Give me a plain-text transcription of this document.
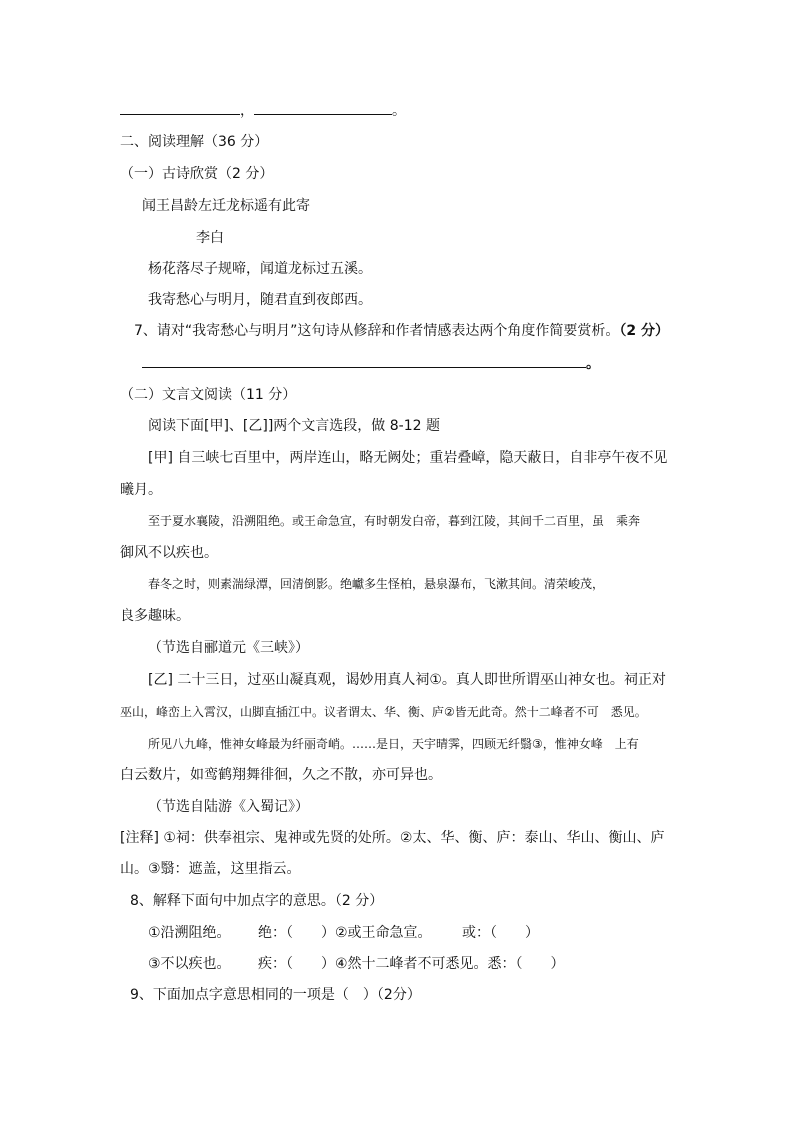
，	。
二、阅读理解（36 分）
（一）古诗欣赏（2 分）
闻王昌龄左迁龙标遥有此寄
李白
杨花落尽子规啼，闻道龙标过五溪。
我寄愁心与明月，随君直到夜郎西。
7、请对“我寄愁心与明月”这句诗从修辞和作者情感表达两个角度作简要赏析。（2 分）
。
（二）文言文阅读（11 分）
阅读下面[甲]、[乙]]两个文言选段，做 8-12 题
[甲] 自三峡七百里中，两岸连山，略无阙处；重岩叠嶂，隐天蔽日，自非亭午夜不见
曦月。
至于夏水襄陵，沿溯阻绝。或王命急宣，有时朝发白帝，暮到江陵，其间千二百里，虽　乘奔
御风不以疾也。
春冬之时，则素湍绿潭，回清倒影。绝巘多生怪柏，悬泉瀑布，飞漱其间。清荣峻茂，
良多趣味。
（节选自郦道元《三峡》）
[乙] 二十三日，过巫山凝真观，谒妙用真人祠①。真人即世所谓巫山神女也。祠正对
巫山，峰峦上入霄汉，山脚直插江中。议者谓太、华、衡、庐②皆无此奇。然十二峰者不可　悉见。
所见八九峰，惟神女峰最为纤丽奇峭。……是日，天宇晴霁，四顾无纤翳③，惟神女峰　上有
白云数片，如鸾鹤翔舞徘徊，久之不散，亦可异也。
（节选自陆游《入蜀记》）
[注释] ①祠：供奉祖宗、鬼神或先贤的处所。②太、华、衡、庐：泰山、华山、衡山、庐
山。③翳：遮盖，这里指云。
8、解释下面句中加点字的意思。（2 分）
①沿溯阻绝。 绝：（　　）②或王命急宣。 或：（　　）
③不以疾也。 疾：（　　）④然十二峰者不可悉见。悉：（　　）
9、下面加点字意思相同的一项是（　）（2分）
